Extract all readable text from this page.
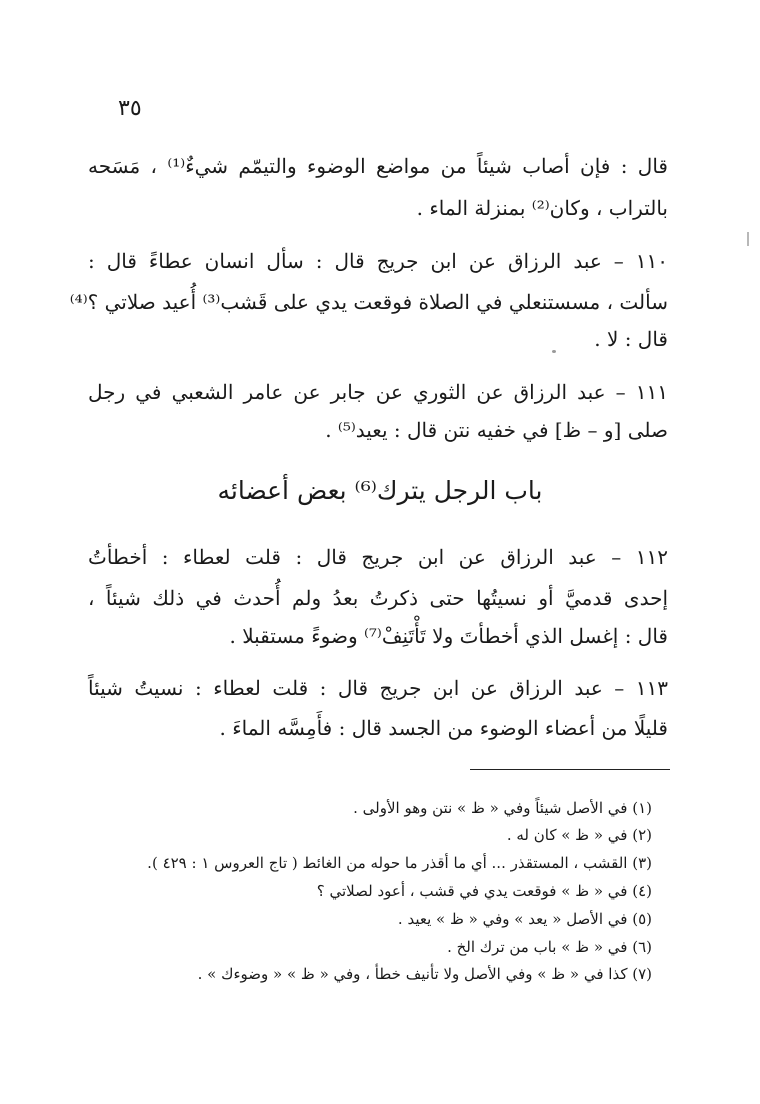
٣٥
قال : فإن أصاب شيئاً من مواضع الوضوء والتيمّم شيءٌ⁽¹⁾ ، مَسَحه
بالتراب ، وكان⁽²⁾ بمنزلة الماء .
١١٠ – عبد الرزاق عن ابن جريج قال : سأل انسان عطاءً قال :
سألت ، مسستنعلي في الصلاة فوقعت يدي على قَشب⁽³⁾ أُعيد صلاتي ؟⁽⁴⁾
قال : لا .
١١١ – عبد الرزاق عن الثوري عن جابر عن عامر الشعبي في رجل
صلى [و – ظ] في خفيه نتن قال : يعيد⁽⁵⁾ .
باب الرجل يترك⁽⁶⁾ بعض أعضائه
١١٢ – عبد الرزاق عن ابن جريج قال : قلت لعطاء : أخطأتُ
إحدى قدميَّ أو نسيتُها حتى ذكرتُ بعدُ ولم أُحدث في ذلك شيئاً ،
قال : إغسل الذي أخطأتَ ولا تَأْتَنِفْ⁽⁷⁾ وضوءً مستقبلا .
١١٣ – عبد الرزاق عن ابن جريج قال : قلت لعطاء : نسيتُ شيئاً
قليلًا من أعضاء الوضوء من الجسد قال : فأَمِسَّه الماءَ .
(١) في الأصل شيئاً وفي « ظ » نتن وهو الأولى .
(٢) في « ظ » كان له .
(٣) القشب ، المستقذر ... أي ما أقذر ما حوله من الغائط ( تاج العروس ١ : ٤٢٩ ).
(٤) في « ظ » فوقعت يدي في قشب ، أعود لصلاتي ؟
(٥) في الأصل « يعد » وفي « ظ » يعيد .
(٦) في « ظ » باب من ترك الخ .
(٧) كذا في « ظ » وفي الأصل ولا تأنيف خطأ ، وفي « ظ » « وضوءك » .
